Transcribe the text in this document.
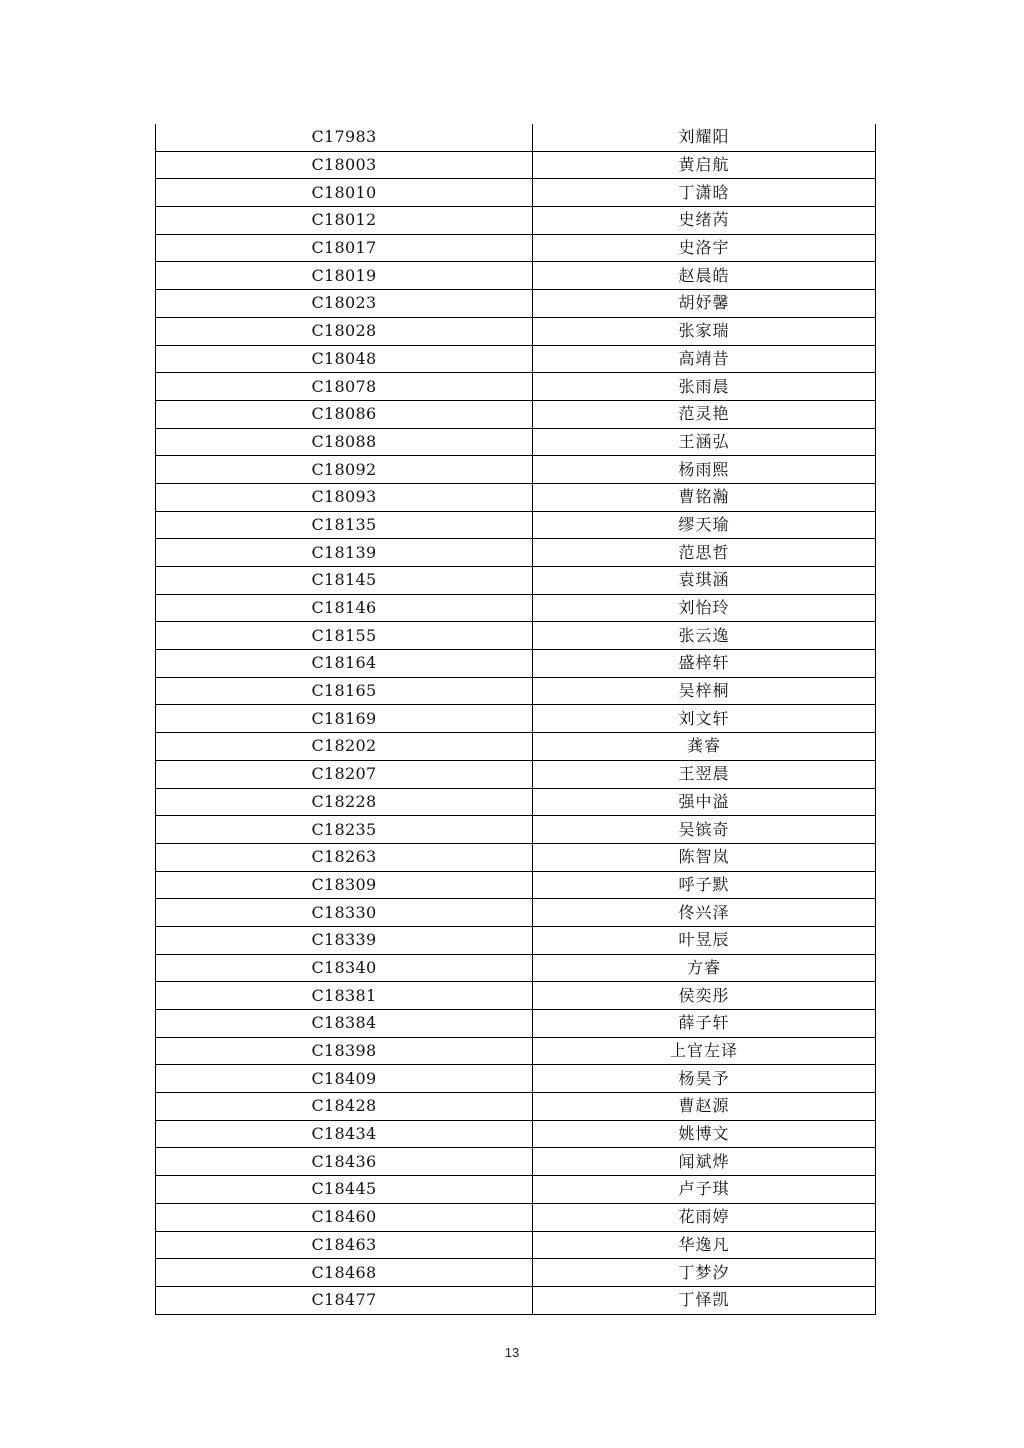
C17983	刘耀阳
C18003	黄启航
C18010	丁潇晗
C18012	史绪芮
C18017	史洛宇
C18019	赵晨皓
C18023	胡妤馨
C18028	张家瑞
C18048	高靖昔
C18078	张雨晨
C18086	范灵艳
C18088	王涵弘
C18092	杨雨熙
C18093	曹铭瀚
C18135	缪天瑜
C18139	范思哲
C18145	袁琪涵
C18146	刘怡玲
C18155	张云逸
C18164	盛梓轩
C18165	吴梓桐
C18169	刘文轩
C18202	龚睿
C18207	王翌晨
C18228	强中溢
C18235	吴镔奇
C18263	陈智岚
C18309	呼子默
C18330	佟兴泽
C18339	叶昱辰
C18340	方睿
C18381	侯奕彤
C18384	薛子轩
C18398	上官左译
C18409	杨昊予
C18428	曹赵源
C18434	姚博文
C18436	闻斌烨
C18445	卢子琪
C18460	花雨婷
C18463	华逸凡
C18468	丁梦汐
C18477	丁怿凯
13
